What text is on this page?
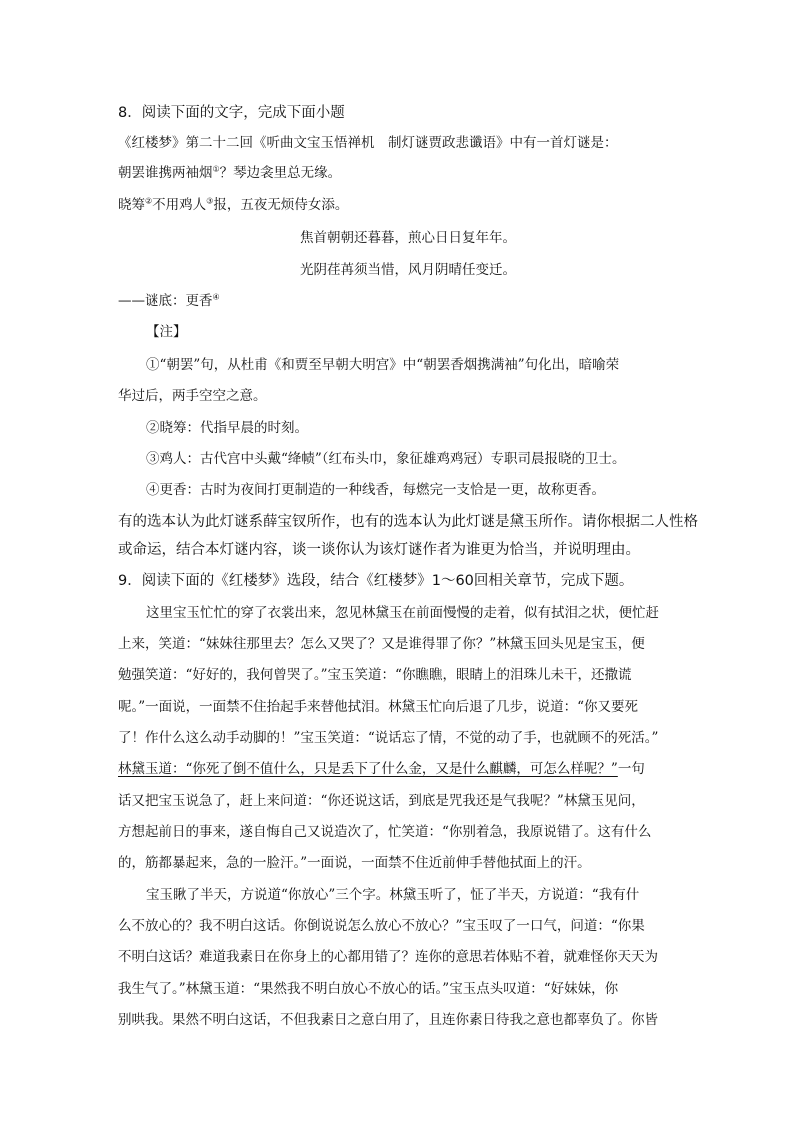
8．阅读下面的文字，完成下面小题
《红楼梦》第二十二回《听曲文宝玉悟禅机　制灯谜贾政悲谶语》中有一首灯谜是：
朝罢谁携两袖烟①？琴边衾里总无缘。
晓筹②不用鸡人③报，五夜无烦侍女添。
焦首朝朝还暮暮，煎心日日复年年。
光阴荏苒须当惜，风月阴晴任变迁。
——谜底：更香④
【注】
①“朝罢”句，从杜甫《和贾至早朝大明宫》中“朝罢香烟携满袖”句化出，暗喻荣
华过后，两手空空之意。
②晓筹：代指早晨的时刻。
③鸡人：古代宫中头戴“绛帻”（红布头巾，象征雄鸡鸡冠）专职司晨报晓的卫士。
④更香：古时为夜间打更制造的一种线香，每燃完一支恰是一更，故称更香。
有的选本认为此灯谜系薛宝钗所作，也有的选本认为此灯谜是黛玉所作。请你根据二人性格
或命运，结合本灯谜内容，谈一谈你认为该灯谜作者为谁更为恰当，并说明理由。
9．阅读下面的《红楼梦》选段，结合《红楼梦》1～60回相关章节，完成下题。
这里宝玉忙忙的穿了衣裳出来，忽见林黛玉在前面慢慢的走着，似有拭泪之状，便忙赶
上来，笑道：“妹妹往那里去？怎么又哭了？又是谁得罪了你？”林黛玉回头见是宝玉，便
勉强笑道：“好好的，我何曾哭了。”宝玉笑道：“你瞧瞧，眼睛上的泪珠儿未干，还撒谎
呢。”一面说，一面禁不住抬起手来替他拭泪。林黛玉忙向后退了几步，说道：“你又要死
了！作什么这么动手动脚的！”宝玉笑道：“说话忘了情，不觉的动了手，也就顾不的死活。”
林黛玉道：“你死了倒不值什么，只是丢下了什么金，又是什么麒麟，可怎么样呢？”一句
话又把宝玉说急了，赶上来问道：“你还说这话，到底是咒我还是气我呢？”林黛玉见问，
方想起前日的事来，遂自悔自己又说造次了，忙笑道：“你别着急，我原说错了。这有什么
的，筋都暴起来，急的一脸汗。”一面说，一面禁不住近前伸手替他拭面上的汗。
宝玉瞅了半天，方说道“你放心”三个字。林黛玉听了，怔了半天，方说道：“我有什
么不放心的？我不明白这话。你倒说说怎么放心不放心？”宝玉叹了一口气，问道：“你果
不明白这话？难道我素日在你身上的心都用错了？连你的意思若体贴不着，就难怪你天天为
我生气了。”林黛玉道：“果然我不明白放心不放心的话。”宝玉点头叹道：“好妹妹，你
别哄我。果然不明白这话，不但我素日之意白用了，且连你素日待我之意也都辜负了。你皆
